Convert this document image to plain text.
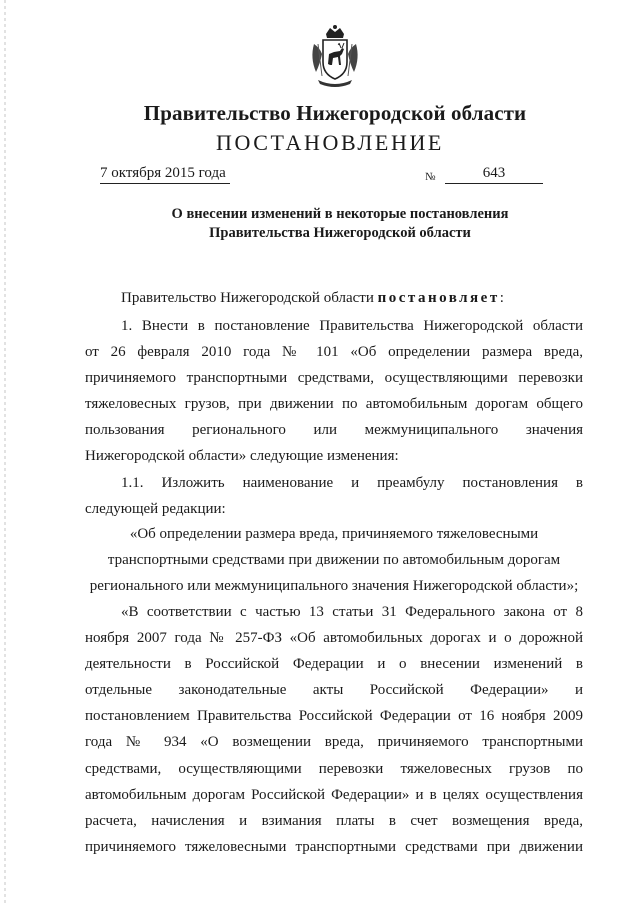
Правительство Нижегородской области
ПОСТАНОВЛЕНИЕ
7 октября 2015 года	№	643
О внесении изменений в некоторые постановления
Правительства Нижегородской области

Правительство Нижегородской области постановляет:

1. Внести в постановление Правительства Нижегородской области

от 26 февраля 2010 года № 101 «Об определении размера вреда,

причиняемого транспортными средствами, осуществляющими перевозки

тяжеловесных грузов, при движении по автомобильным дорогам общего

пользования регионального или межмуниципального значения

Нижегородской области» следующие изменения:

1.1. Изложить наименование и преамбулу постановления в

следующей редакции:

«Об определении размера вреда, причиняемого тяжеловесными

транспортными средствами при движении по автомобильным дорогам

регионального или межмуниципального значения Нижегородской области»;

«В соответствии с частью 13 статьи 31 Федерального закона от 8

ноября 2007 года № 257-ФЗ «Об автомобильных дорогах и о дорожной

деятельности в Российской Федерации и о внесении изменений в

отдельные законодательные акты Российской Федерации» и

постановлением Правительства Российской Федерации от 16 ноября 2009

года № 934 «О возмещении вреда, причиняемого транспортными

средствами, осуществляющими перевозки тяжеловесных грузов по

автомобильным дорогам Российской Федерации» и в целях осуществления

расчета, начисления и взимания платы в счет возмещения вреда,

причиняемого тяжеловесными транспортными средствами при движении
